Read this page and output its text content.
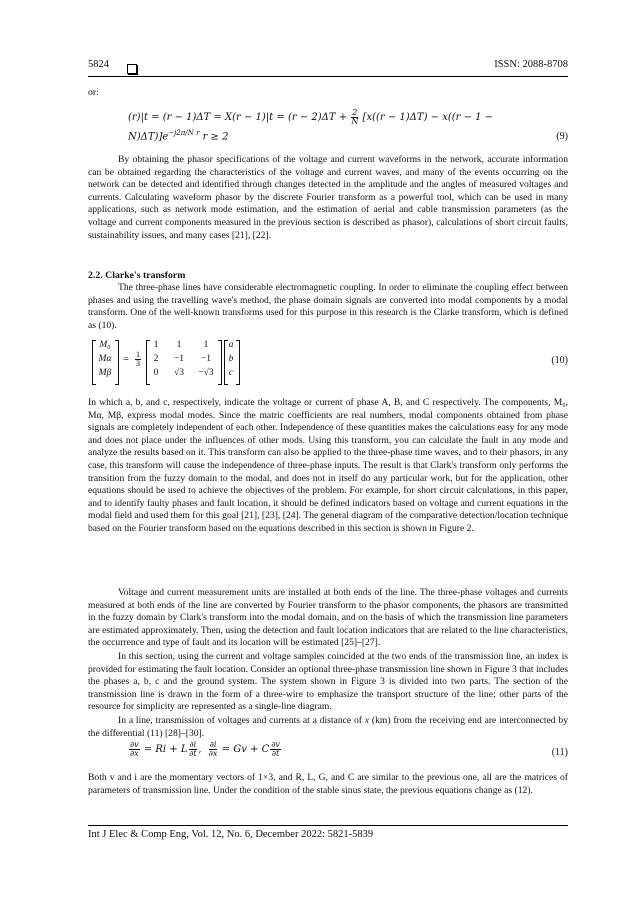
5824	ISSN: 2088-8708
or:
$(r)|t = (r - 1)\Delta T = X(r - 1)|t = (r - 2)\Delta T + \frac{2}{N} [x((r - 1)\Delta T) - x((r - 1$ −
$N)\Delta T)]e^{-j2\pi/N r}$ r ≥ 2	(9)

By obtaining the phasor specifications of the voltage and current waveforms in the network, accurate information can be obtained regarding the characteristics of the voltage and current waves, and many of the events occurring on the network can be detected and identified through changes detected in the amplitude and the angles of measured voltages and currents. Calculating waveform phasor by the discrete Fourier transform as a powerful tool, which can be used in many applications, such as network mode estimation, and the estimation of aerial and cable transmission parameters (as the voltage and current components measured in the previous section is described as phasor), calculations of short circuit faults, sustainability issues, and many cases [21], [22].

2.2. Clarke's transform

The three-phase lines have considerable electromagnetic coupling. In order to eliminate the coupling effect between phases and using the travelling wave's method, the phase domain signals are converted into modal components by a modal transform. One of the well-known transforms used for this purpose in this research is the Clarke transform, which is defined as (10).

M₀
Mα
Mβ
= $\frac{1}{3}$
1	1	1
2	−1	−1
0	√3	−√3
a
b
c
(10)

In which a, b, and c, respectively, indicate the voltage or current of phase A, B, and C respectively. The components, M₀, Mα, Mβ, express modal modes. Since the matric coefficients are real numbers, modal components obtained from phase signals are completely independent of each other. Independence of these quantities makes the calculations easy for any mode and does not place under the influences of other mods. Using this transform, you can calculate the fault in any mode and analyze the results based on it. This transform can also be applied to the three-phase time waves, and to their phasors, in any case, this transform will cause the independence of three-phase inputs. The result is that Clark's transform only performs the transition from the fuzzy domain to the modal, and does not in itself do any particular work, but for the application, other equations should be used to achieve the objectives of the problem. For example, for short circuit calculations, in this paper, and to identify faulty phases and fault location, it should be defined indicators based on voltage and current equations in the modal field and used them for this goal [21], [23], [24]. The general diagram of the comparative detection/location technique based on the Fourier transform based on the equations described in this section is shown in Figure 2.

Voltage and current measurement units are installed at both ends of the line. The three-phase voltages and currents measured at both ends of the line are converted by Fourier transform to the phasor components, the phasors are transmitted in the fuzzy domain by Clark's transform into the modal domain, and on the basis of which the transmission line parameters are estimated approximately. Then, using the detection and fault location indicators that are related to the line characteristics, the occurrence and type of fault and its location will be estimated [25]–[27].

In this section, using the current and voltage samples coincided at the two ends of the transmission line, an index is provided for estimating the fault location. Consider an optional three-phase transmission line shown in Figure 3 that includes the phases a, b, c and the ground system. The system shown in Figure 3 is divided into two parts. The section of the transmission line is drawn in the form of a three-wire to emphasize the transport structure of the line; other parts of the resource for simplicity are represented as a single-line diagram.

In a line, transmission of voltages and currents at a distance of x (km) from the receiving end are interconnected by the differential (11) [28]–[30].

$\frac{\partial v}{\partial x} = Ri + L \frac{\partial i}{\partial t}$ , $\frac{\partial i}{\partial x} = Gv + C \frac{\partial v}{\partial t}$	(11)

Both v and i are the momentary vectors of 1×3, and R, L, G, and C are similar to the previous one, all are the matrices of parameters of transmission line. Under the condition of the stable sinus state, the previous equations change as (12).

Int J Elec & Comp Eng, Vol. 12, No. 6, December 2022: 5821-5839
